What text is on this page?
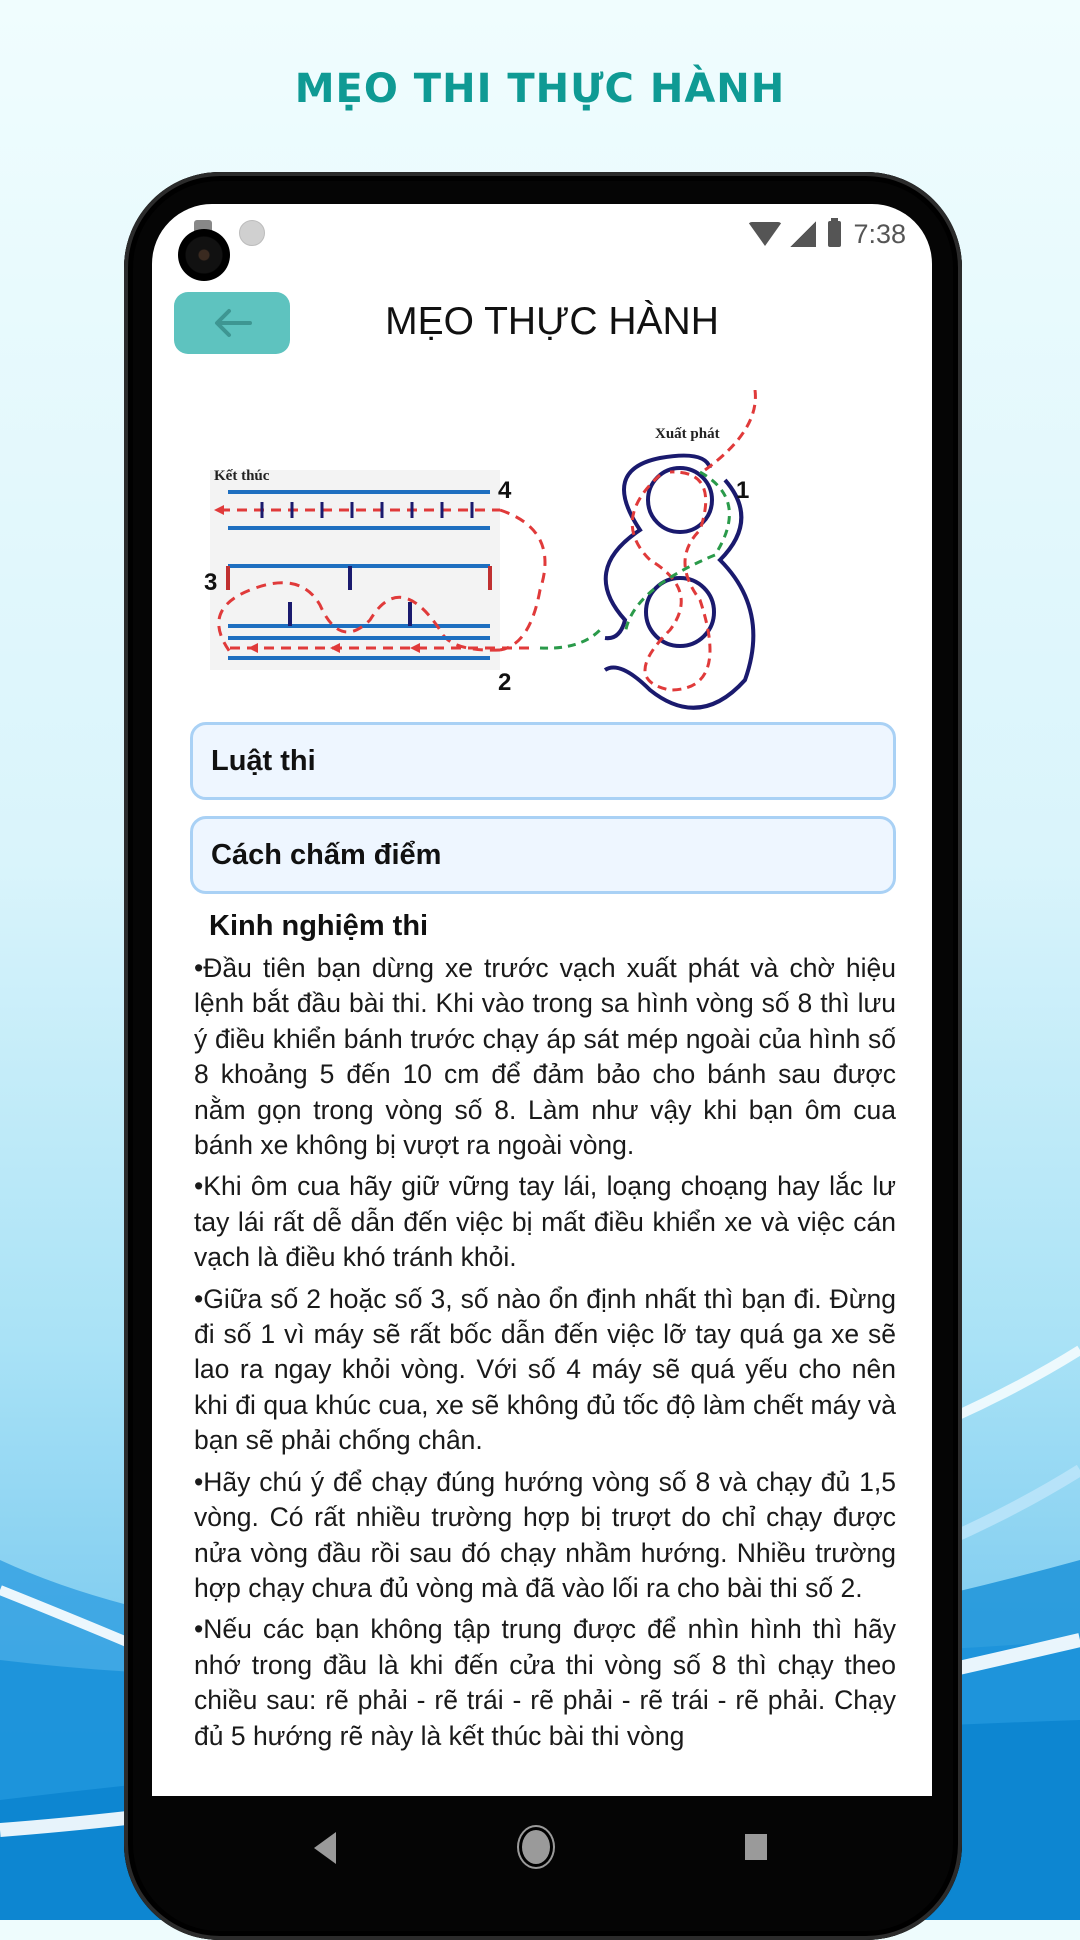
MẸO THI THỰC HÀNH
7:38
MẸO THỰC HÀNH
Kết thúc
Xuất phát
4
3
2
1
Luật thi
Cách chấm điểm
Kinh nghiệm thi

•Đầu tiên bạn dừng xe trước vạch xuất phát và chờ hiệu lệnh bắt đầu bài thi. Khi vào trong sa hình vòng số 8 thì lưu ý điều khiển bánh trước chạy áp sát mép ngoài của hình số 8 khoảng 5 đến 10 cm để đảm bảo cho bánh sau được nằm gọn trong vòng số 8. Làm như vậy khi bạn ôm cua bánh xe không bị vượt ra ngoài vòng.

•Khi ôm cua hãy giữ vững tay lái, loạng choạng hay lắc lư tay lái rất dễ dẫn đến việc bị mất điều khiển xe và việc cán vạch là điều khó tránh khỏi.

•Giữa số 2 hoặc số 3, số nào ổn định nhất thì bạn đi. Đừng đi số 1 vì máy sẽ rất bốc dẫn đến việc lỡ tay quá ga xe sẽ lao ra ngay khỏi vòng. Với số 4 máy sẽ quá yếu cho nên khi đi qua khúc cua, xe sẽ không đủ tốc độ làm chết máy và bạn sẽ phải chống chân.

•Hãy chú ý để chạy đúng hướng vòng số 8 và chạy đủ 1,5 vòng. Có rất nhiều trường hợp bị trượt do chỉ chạy được nửa vòng đầu rồi sau đó chạy nhầm hướng. Nhiều trường hợp chạy chưa đủ vòng mà đã vào lối ra cho bài thi số 2.

•Nếu các bạn không tập trung được để nhìn hình thì hãy nhớ trong đầu là khi đến cửa thi vòng số 8 thì chạy theo chiều sau: rẽ phải - rẽ trái - rẽ phải - rẽ trái - rẽ phải. Chạy đủ 5 hướng rẽ này là kết thúc bài thi vòng
